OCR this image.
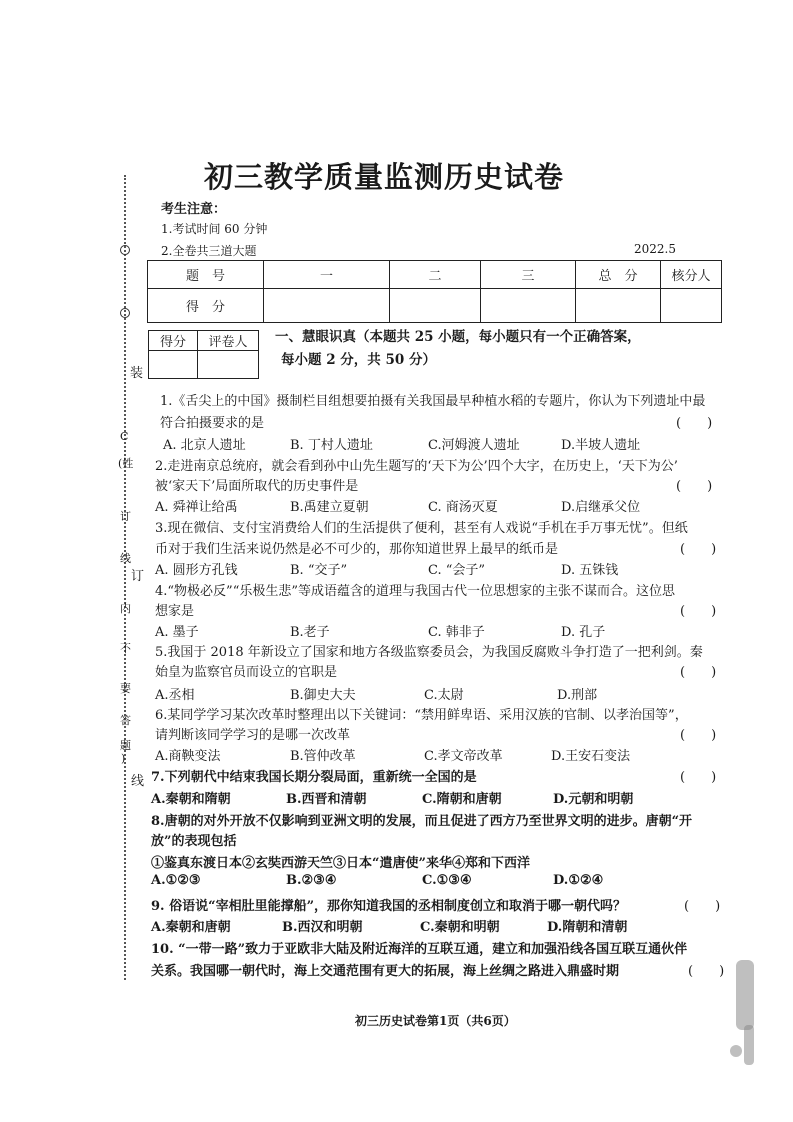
装
订
线
C
(姓
订
线
内
不
要
答
题
)
初三教学质量监测历史试卷
考生注意：
1.考试时间 60 分钟
2.全卷共三道大题	2022.5
题　号	一	二	三	总　分	核分人
得　分					
得分	评卷人
	一、慧眼识真（本题共 25 小题，每小题只有一个正确答案，
每小题 2 分，共 50 分）
1.《舌尖上的中国》摄制栏目组想要拍摄有关我国最早种植水稻的专题片，你认为下列遗址中最
符合拍摄要求的是	(　　)
A. 北京人遗址	B. 丁村人遗址	C.河姆渡人遗址	D.半坡人遗址
2.走进南京总统府，就会看到孙中山先生题写的‘天下为公’四个大字，在历史上，‘天下为公’
被‘家天下’局面所取代的历史事件是	(　　)
A. 舜禅让给禹	B.禹建立夏朝	C. 商汤灭夏	D.启继承父位
3.现在微信、支付宝消费给人们的生活提供了便利，甚至有人戏说“手机在手万事无忧”。但纸
币对于我们生活来说仍然是必不可少的，那你知道世界上最早的纸币是	(　　)
A. 圆形方孔钱	B. “交子”	C. “会子”	D. 五铢钱
4.“物极必反”“乐极生悲”等成语蕴含的道理与我国古代一位思想家的主张不谋而合。这位思
想家是	(　　)
A. 墨子	B.老子	C. 韩非子	D. 孔子
5.我国于 2018 年新设立了国家和地方各级监察委员会，为我国反腐败斗争打造了一把利剑。秦
始皇为监察官员而设立的官职是	(　　)
A.丞相	B.御史大夫	C.太尉	D.刑部
6.某同学学习某次改革时整理出以下关键词：“禁用鲜卑语、采用汉族的官制、以孝治国等”，
请判断该同学学习的是哪一次改革	(　　)
A.商鞅变法	B.管仲改革	C.孝文帝改革	D.王安石变法
7.下列朝代中结束我国长期分裂局面，重新统一全国的是	(　　)
A.秦朝和隋朝	B.西晋和清朝	C.隋朝和唐朝	D.元朝和明朝
8.唐朝的对外开放不仅影响到亚洲文明的发展，而且促进了西方乃至世界文明的进步。唐朝“开
放”的表现包括
①鉴真东渡日本②玄奘西游天竺③日本“遣唐使”来华④郑和下西洋
A.①②③	B.②③④	C.①③④	D.①②④
9. 俗语说“宰相肚里能撑船”，那你知道我国的丞相制度创立和取消于哪一朝代吗？	(　　)
A.秦朝和唐朝	B.西汉和明朝	C.秦朝和明朝	D.隋朝和清朝
10. “一带一路”致力于亚欧非大陆及附近海洋的互联互通，建立和加强沿线各国互联互通伙伴
关系。我国哪一朝代时，海上交通范围有更大的拓展，海上丝绸之路进入鼎盛时期	(　　)
初三历史试卷第1页（共6页）
